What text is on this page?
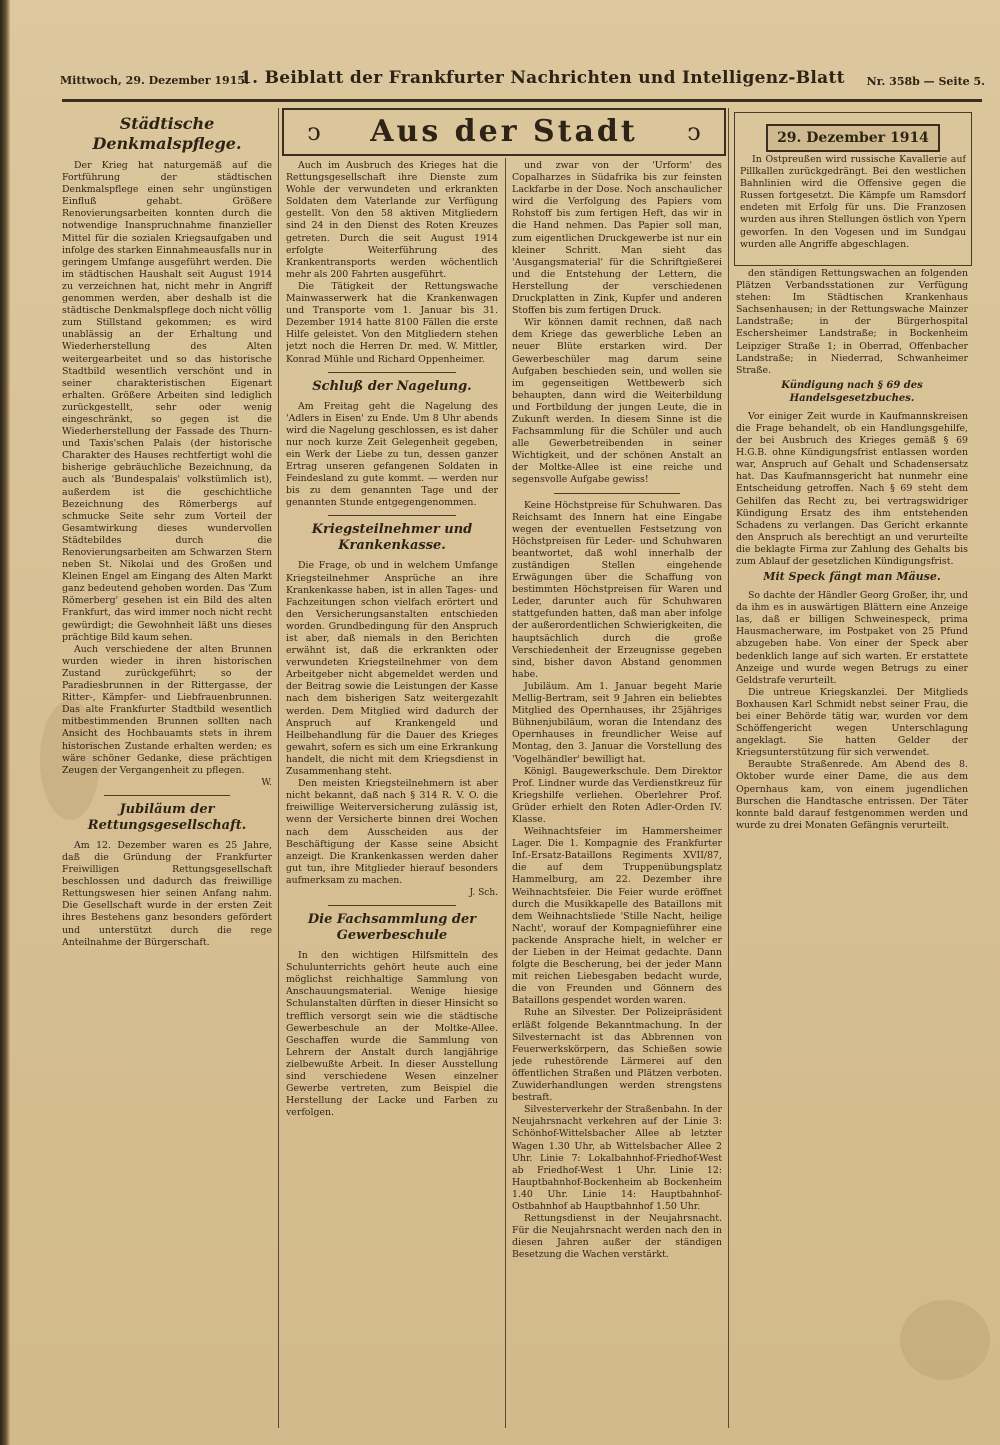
Mittwoch, 29. Dezember 1915.
1. Beiblatt der Frankfurter Nachrichten und Intelligenz-Blatt Nr. 358b — Seite 5.
ↄ	Aus der Stadt	ↄ	29. Dezember 1914
Städtische Denkmalspflege.

Der Krieg hat naturgemäß auf die Fortführung der städtischen Denkmalspflege einen sehr ungünstigen Einfluß gehabt. Größere Renovierungsarbeiten konnten durch die notwendige Inanspruchnahme finanzieller Mittel für die sozialen Kriegsaufgaben und infolge des starken Einnahmeausfalls nur in geringem Umfange ausgeführt werden. Die im städtischen Haushalt seit August 1914 zu verzeichnen hat, nicht mehr in Angriff genommen werden, aber deshalb ist die städtische Denkmalspflege doch nicht völlig zum Stillstand gekommen; es wird unablässig an der Erhaltung und Wiederherstellung des Alten weitergearbeitet und so das historische Stadtbild wesentlich verschönt und in seiner charakteristischen Eigenart erhalten. Größere Arbeiten sind lediglich zurückgestellt, sehr oder wenig eingeschränkt, so gegen ist die Wiederherstellung der Fassade des Thurn- und Taxis'schen Palais (der historische Charakter des Hauses rechtfertigt wohl die bisherige gebräuchliche Bezeichnung, da auch als 'Bundespalais' volkstümlich ist), außerdem ist die geschichtliche Bezeichnung des Römerbergs auf schmucke Seite sehr zum Vorteil der Gesamtwirkung dieses wundervollen Städtebildes durch die Renovierungsarbeiten am Schwarzen Stern neben St. Nikolai und des Großen und Kleinen Engel am Eingang des Alten Markt ganz bedeutend gehoben worden. Das 'Zum Römerberg' gesehen ist ein Bild des alten Frankfurt, das wird immer noch nicht recht gewürdigt; die Gewohnheit läßt uns dieses prächtige Bild kaum sehen.

Auch verschiedene der alten Brunnen wurden wieder in ihren historischen Zustand zurückgeführt; so der Paradiesbrunnen in der Rittergasse, der Ritter-, Kämpfer- und Liebfrauenbrunnen. Das alte Frankfurter Stadtbild wesentlich mitbestimmenden Brunnen sollten nach Ansicht des Hochbauamts stets in ihrem historischen Zustande erhalten werden; es wäre schöner Gedanke, diese prächtigen Zeugen der Vergangenheit zu pflegen.

W.
Jubiläum der Rettungsgesellschaft.

Am 12. Dezember waren es 25 Jahre, daß die Gründung der Frankfurter Freiwilligen Rettungsgesellschaft beschlossen und dadurch das freiwillige Rettungswesen hier seinen Anfang nahm. Die Gesellschaft wurde in der ersten Zeit ihres Bestehens ganz besonders gefördert und unterstützt durch die rege Anteilnahme der Bürgerschaft.

Auch im Ausbruch des Krieges hat die Rettungsgesellschaft ihre Dienste zum Wohle der verwundeten und erkrankten Soldaten dem Vaterlande zur Verfügung gestellt. Von den 58 aktiven Mitgliedern sind 24 in den Dienst des Roten Kreuzes getreten. Durch die seit August 1914 erfolgte Weiterführung des Krankentransports werden wöchentlich mehr als 200 Fahrten ausgeführt.

Die Tätigkeit der Rettungswache Mainwasserwerk hat die Krankenwagen und Transporte vom 1. Januar bis 31. Dezember 1914 hatte 8100 Fällen die erste Hilfe geleistet. Von den Mitgliedern stehen jetzt noch die Herren Dr. med. W. Mittler, Konrad Mühle und Richard Oppenheimer.

Schluß der Nagelung.

Am Freitag geht die Nagelung des 'Adlers in Eisen' zu Ende. Um 8 Uhr abends wird die Nagelung geschlossen, es ist daher nur noch kurze Zeit Gelegenheit gegeben, ein Werk der Liebe zu tun, dessen ganzer Ertrag unseren gefangenen Soldaten in Feindesland zu gute kommt. — werden nur bis zu dem genannten Tage und der genannten Stunde entgegengenommen.

Kriegsteilnehmer und Krankenkasse.

Die Frage, ob und in welchem Umfange Kriegsteilnehmer Ansprüche an ihre Krankenkasse haben, ist in allen Tages- und Fachzeitungen schon vielfach erörtert und den Versicherungsanstalten entschieden worden. Grundbedingung für den Anspruch ist aber, daß niemals in den Berichten erwähnt ist, daß die erkrankten oder verwundeten Kriegsteilnehmer von dem Arbeitgeber nicht abgemeldet werden und der Beitrag sowie die Leistungen der Kasse nach dem bisherigen Satz weitergezahlt werden. Dem Mitglied wird dadurch der Anspruch auf Krankengeld und Heilbehandlung für die Dauer des Krieges gewahrt, sofern es sich um eine Erkrankung handelt, die nicht mit dem Kriegsdienst in Zusammenhang steht.

Den meisten Kriegsteilnehmern ist aber nicht bekannt, daß nach § 314 R. V. O. die freiwillige Weiterversicherung zulässig ist, wenn der Versicherte binnen drei Wochen nach dem Ausscheiden aus der Beschäftigung der Kasse seine Absicht anzeigt. Die Krankenkassen werden daher gut tun, ihre Mitglieder hierauf besonders aufmerksam zu machen.

J. Sch.
Die Fachsammlung der Gewerbeschule

In den wichtigen Hilfsmitteln des Schulunterrichts gehört heute auch eine möglichst reichhaltige Sammlung von Anschauungsmaterial. Wenige hiesige Schulanstalten dürften in dieser Hinsicht so trefflich versorgt sein wie die städtische Gewerbeschule an der Moltke-Allee. Geschaffen wurde die Sammlung von Lehrern der Anstalt durch langjährige zielbewußte Arbeit. In dieser Ausstellung sind verschiedene Wesen einzelner Gewerbe vertreten, zum Beispiel die Herstellung der Lacke und Farben zu verfolgen.

und zwar von der 'Urform' des Copalharzes in Südafrika bis zur feinsten Lackfarbe in der Dose. Noch anschaulicher wird die Verfolgung des Papiers vom Rohstoff bis zum fertigen Heft, das wir in die Hand nehmen. Das Papier soll man, zum eigentlichen Druckgewerbe ist nur ein kleiner Schritt. Man sieht das 'Ausgangsmaterial' für die Schriftgießerei und die Entstehung der Lettern, die Herstellung der verschiedenen Druckplatten in Zink, Kupfer und anderen Stoffen bis zum fertigen Druck.

Wir können damit rechnen, daß nach dem Kriege das gewerbliche Leben an neuer Blüte erstarken wird. Der Gewerbeschüler mag darum seine Aufgaben beschieden sein, und wollen sie im gegenseitigen Wettbewerb sich behaupten, dann wird die Weiterbildung und Fortbildung der jungen Leute, die in Zukunft werden. In diesem Sinne ist die Fachsammlung für die Schüler und auch alle Gewerbetreibenden in seiner Wichtigkeit, und der schönen Anstalt an der Moltke-Allee ist eine reiche und segensvolle Aufgabe gewiss!

Keine Höchstpreise für Schuhwaren. Das Reichsamt des Innern hat eine Eingabe wegen der eventuellen Festsetzung von Höchstpreisen für Leder- und Schuhwaren beantwortet, daß wohl innerhalb der zuständigen Stellen eingehende Erwägungen über die Schaffung von bestimmten Höchstpreisen für Waren und Leder, darunter auch für Schuhwaren stattgefunden hatten, daß man aber infolge der außerordentlichen Schwierigkeiten, die hauptsächlich durch die große Verschiedenheit der Erzeugnisse gegeben sind, bisher davon Abstand genommen habe.

Jubiläum. Am 1. Januar begeht Marie Mellig-Bertram, seit 9 Jahren ein beliebtes Mitglied des Opernhauses, ihr 25jähriges Bühnenjubiläum, woran die Intendanz des Opernhauses in freundlicher Weise auf Montag, den 3. Januar die Vorstellung des 'Vogelhändler' bewilligt hat.

Königl. Baugewerkschule. Dem Direktor Prof. Lindner wurde das Verdienstkreuz für Kriegshilfe verliehen. Oberlehrer Prof. Grüder erhielt den Roten Adler-Orden IV. Klasse.

Weihnachtsfeier im Hammersheimer Lager. Die 1. Kompagnie des Frankfurter Inf.-Ersatz-Bataillons Regiments XVII/87, die auf dem Truppenübungsplatz Hammelburg, am 22. Dezember ihre Weihnachtsfeier. Die Feier wurde eröffnet durch die Musikkapelle des Bataillons mit dem Weihnachtsliede 'Stille Nacht, heilige Nacht', worauf der Kompagnieführer eine packende Ansprache hielt, in welcher er der Lieben in der Heimat gedachte. Dann folgte die Bescherung, bei der jeder Mann mit reichen Liebesgaben bedacht wurde, die von Freunden und Gönnern des Bataillons gespendet worden waren.

Ruhe an Silvester. Der Polizeipräsident erläßt folgende Bekanntmachung. In der Silvesternacht ist das Abbrennen von Feuerwerkskörpern, das Schießen sowie jede ruhestörende Lärmerei auf den öffentlichen Straßen und Plätzen verboten. Zuwiderhandlungen werden strengstens bestraft.

Silvesterverkehr der Straßenbahn. In der Neujahrsnacht verkehren auf der Linie 3: Schönhof-Wittelsbacher Allee ab letzter Wagen 1.30 Uhr, ab Wittelsbacher Allee 2 Uhr. Linie 7: Lokalbahnhof-Friedhof-West ab Friedhof-West 1 Uhr. Linie 12: Hauptbahnhof-Bockenheim ab Bockenheim 1.40 Uhr. Linie 14: Hauptbahnhof-Ostbahnhof ab Hauptbahnhof 1.50 Uhr.

Rettungsdienst in der Neujahrsnacht. Für die Neujahrsnacht werden nach den in diesen Jahren außer der ständigen Besetzung die Wachen verstärkt.

In Ostpreußen wird russische Kavallerie auf Pillkallen zurückgedrängt. Bei den westlichen Bahnlinien wird die Offensive gegen die Russen fortgesetzt. Die Kämpfe um Ramsdorf endeten mit Erfolg für uns. Die Franzosen wurden aus ihren Stellungen östlich von Ypern geworfen. In den Vogesen und im Sundgau wurden alle Angriffe abgeschlagen.

den ständigen Rettungswachen an folgenden Plätzen Verbandsstationen zur Verfügung stehen: Im Städtischen Krankenhaus Sachsenhausen; in der Rettungswache Mainzer Landstraße; in der Bürgerhospital Eschersheimer Landstraße; in Bockenheim Leipziger Straße 1; in Oberrad, Offenbacher Landstraße; in Niederrad, Schwanheimer Straße.

Kündigung nach § 69 des Handelsgesetzbuches.

Vor einiger Zeit wurde in Kaufmannskreisen die Frage behandelt, ob ein Handlungsgehilfe, der bei Ausbruch des Krieges gemäß § 69 H.G.B. ohne Kündigungsfrist entlassen worden war, Anspruch auf Gehalt und Schadensersatz hat. Das Kaufmannsgericht hat nunmehr eine Entscheidung getroffen. Nach § 69 steht dem Gehilfen das Recht zu, bei vertragswidriger Kündigung Ersatz des ihm entstehenden Schadens zu verlangen. Das Gericht erkannte den Anspruch als berechtigt an und verurteilte die beklagte Firma zur Zahlung des Gehalts bis zum Ablauf der gesetzlichen Kündigungsfrist.

Mit Speck fängt man Mäuse.

So dachte der Händler Georg Großer, ihr, und da ihm es in auswärtigen Blättern eine Anzeige las, daß er billigen Schweinespeck, prima Hausmacherware, im Postpaket von 25 Pfund abzugeben habe. Von einer der Speck aber bedenklich lange auf sich warten. Er erstattete Anzeige und wurde wegen Betrugs zu einer Geldstrafe verurteilt.

Die untreue Kriegskanzlei. Der Mitglieds Boxhausen Karl Schmidt nebst seiner Frau, die bei einer Behörde tätig war, wurden vor dem Schöffengericht wegen Unterschlagung angeklagt. Sie hatten Gelder der Kriegsunterstützung für sich verwendet.

Beraubte Straßenrede. Am Abend des 8. Oktober wurde einer Dame, die aus dem Opernhaus kam, von einem jugendlichen Burschen die Handtasche entrissen. Der Täter konnte bald darauf festgenommen werden und wurde zu drei Monaten Gefängnis verurteilt.
